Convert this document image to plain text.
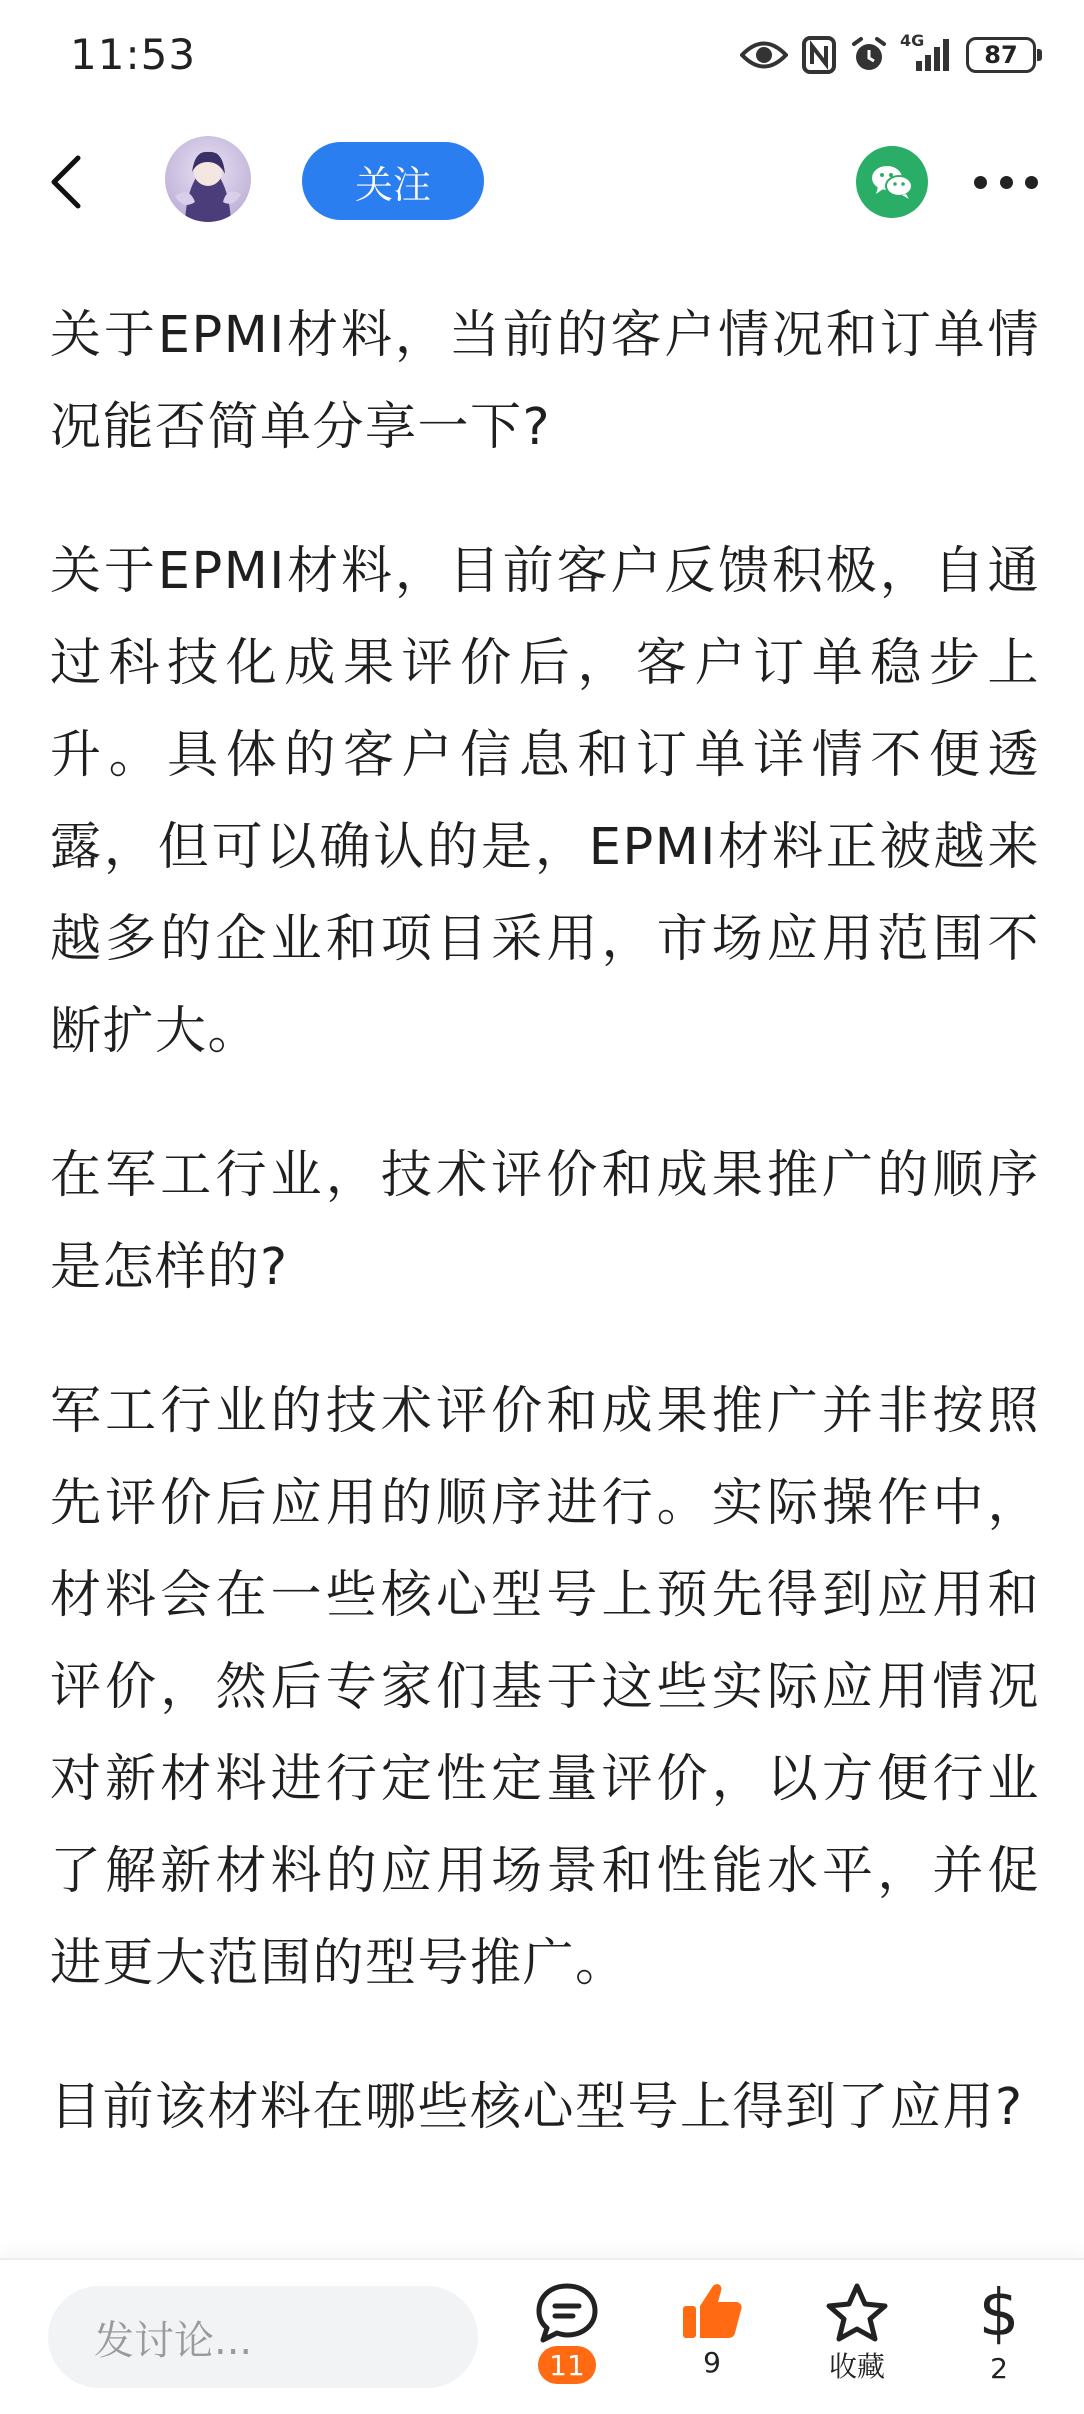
11:53	4G
87
关注

关于EPMI材料，当前的客户情况和订单情况能否简单分享一下?

关于EPMI材料，目前客户反馈积极，自通过科技化成果评价后，客户订单稳步上升。具体的客户信息和订单详情不便透露，但可以确认的是，EPMI材料正被越来越多的企业和项目采用，市场应用范围不断扩大。

在军工行业，技术评价和成果推广的顺序是怎样的?

军工行业的技术评价和成果推广并非按照先评价后应用的顺序进行。实际操作中，材料会在一些核心型号上预先得到应用和评价，然后专家们基于这些实际应用情况对新材料进行定性定量评价，以方便行业了解新材料的应用场景和性能水平，并促进更大范围的型号推广。

目前该材料在哪些核心型号上得到了应用?

发讨论...
11	9	收藏
$
2
